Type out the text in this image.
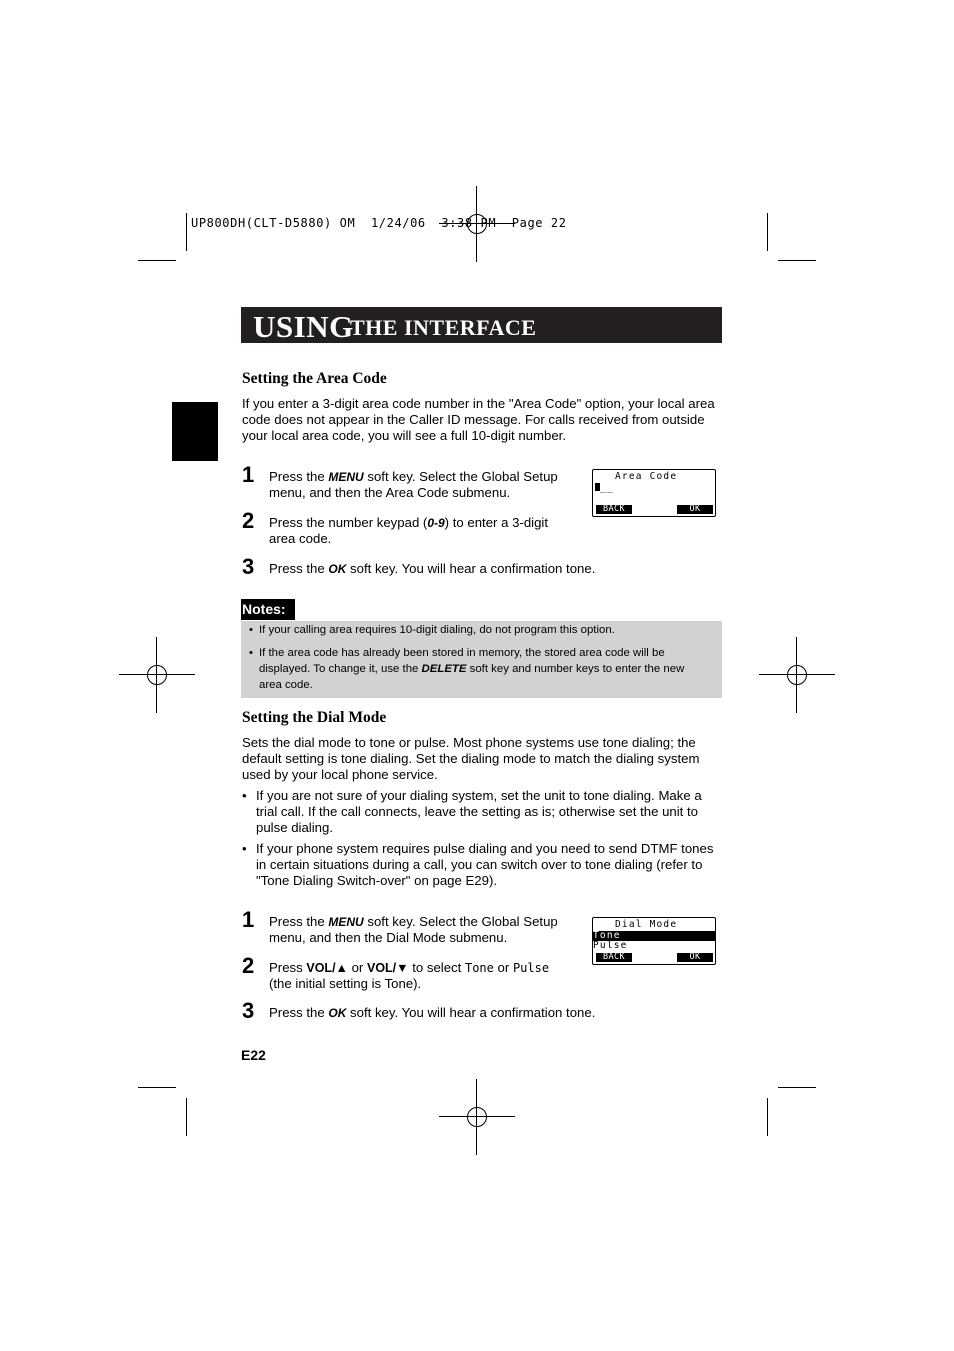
UP800DH(CLT-D5880) OM  1/24/06  3:38 PM  Page 22
USING
THE INTERFACE
Setting the Area Code

If you enter a 3-digit area code number in the "Area Code" option, your local area code does not appear in the Caller ID message. For calls received from outside your local area code, you will see a full 10-digit number.

1 Press the MENU soft key. Select the Global Setup menu, and then the Area Code submenu.
2 Press the number keypad (0-9) to enter a 3-digit area code.
3 Press the OK soft key. You will hear a confirmation tone.
Area Code
__
BACK	OK
Notes:
• If your calling area requires 10-digit dialing, do not program this option.
• If the area code has already been stored in memory, the stored area code will be displayed. To change it, use the DELETE soft key and number keys to enter the new area code.
Setting the Dial Mode

Sets the dial mode to tone or pulse. Most phone systems use tone dialing; the default setting is tone dialing. Set the dialing mode to match the dialing system used by your local phone service.

• If you are not sure of your dialing system, set the unit to tone dialing. Make a trial call. If the call connects, leave the setting as is; otherwise set the unit to pulse dialing.
• If your phone system requires pulse dialing and you need to send DTMF tones in certain situations during a call, you can switch over to tone dialing (refer to "Tone Dialing Switch-over" on page E29).
1 Press the MENU soft key. Select the Global Setup menu, and then the Dial Mode submenu.
2 Press VOL/▲ or VOL/▼ to select Tone or Pulse
(the initial setting is Tone).
3 Press the OK soft key. You will hear a confirmation tone.
Dial Mode
Tone
Pulse
BACK	OK
E22
